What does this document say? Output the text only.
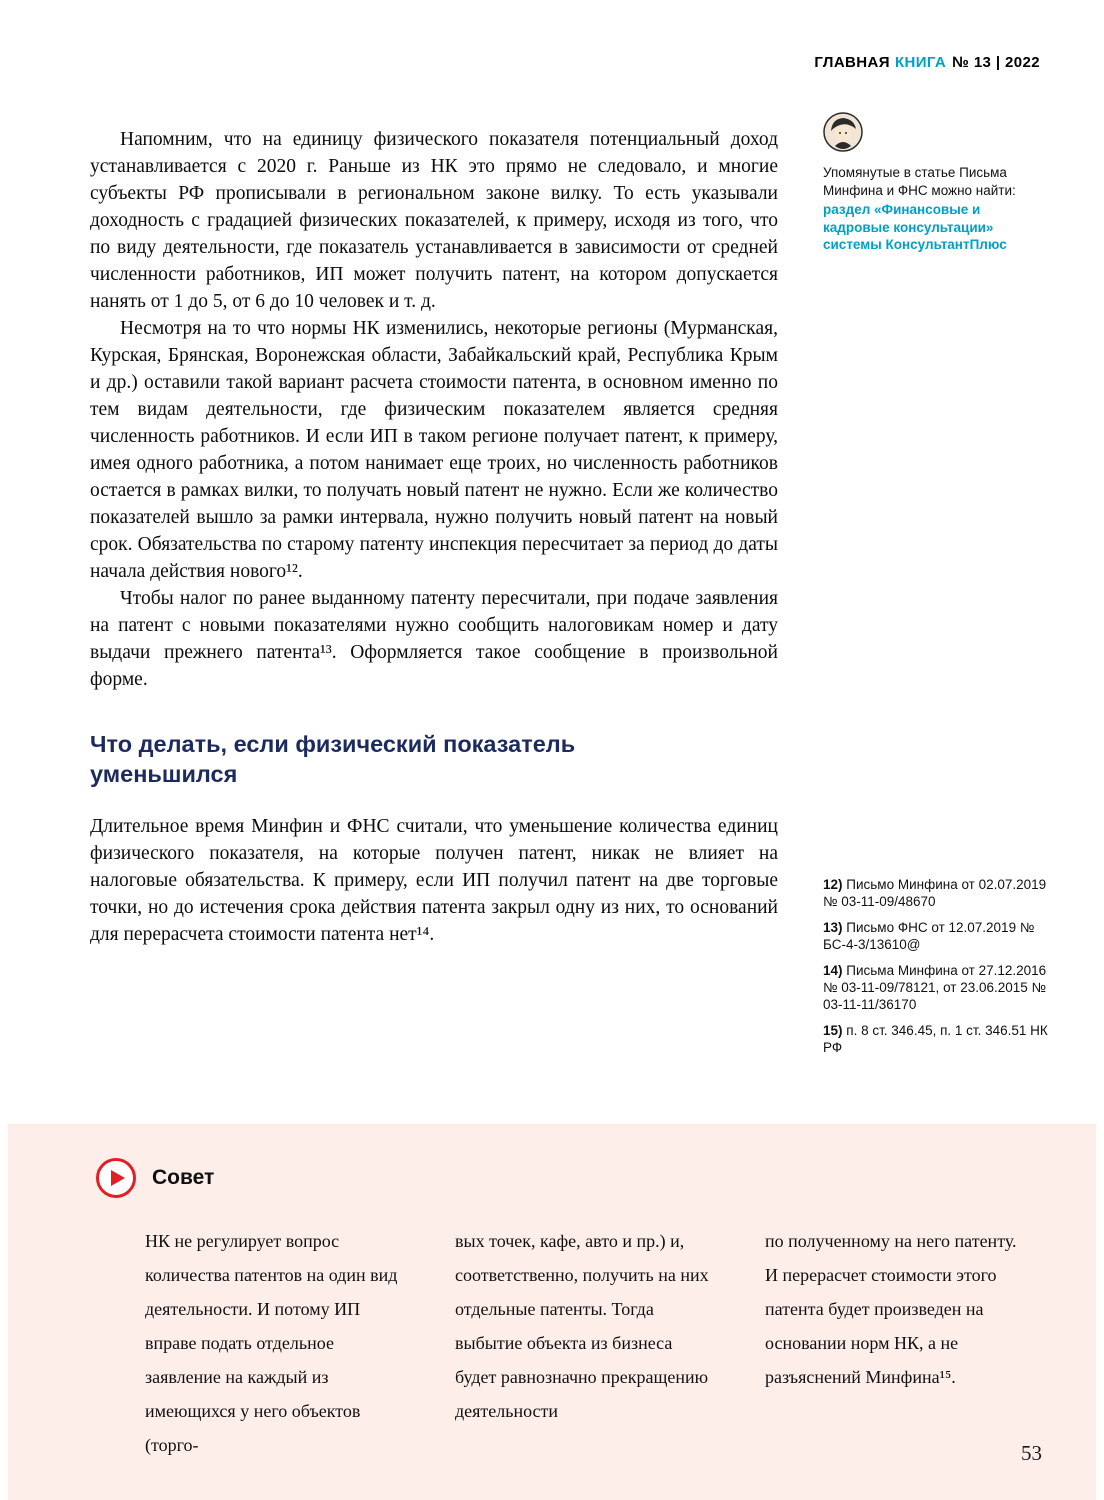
ГЛАВНАЯ КНИГА № 13 | 2022

Напомним, что на единицу физического показателя потенциальный доход устанавливается с 2020 г. Раньше из НК это прямо не следовало, и многие субъекты РФ прописывали в региональном законе вилку. То есть указывали доходность с градацией физических показателей, к примеру, исходя из того, что по виду деятельности, где показатель устанавливается в зависимости от средней численности работников, ИП может получить патент, на котором допускается нанять от 1 до 5, от 6 до 10 человек и т. д.

Несмотря на то что нормы НК изменились, некоторые регионы (Мурманская, Курская, Брянская, Воронежская области, Забайкальский край, Республика Крым и др.) оставили такой вариант расчета стоимости патента, в основном именно по тем видам деятельности, где физическим показателем является средняя численность работников. И если ИП в таком регионе получает патент, к примеру, имея одного работника, а потом нанимает еще троих, но численность работников остается в рамках вилки, то получать новый патент не нужно. Если же количество показателей вышло за рамки интервала, нужно получить новый патент на новый срок. Обязательства по старому патенту инспекция пересчитает за период до даты начала действия нового¹².

Чтобы налог по ранее выданному патенту пересчитали, при подаче заявления на патент с новыми показателями нужно сообщить налоговикам номер и дату выдачи прежнего патента¹³. Оформляется такое сообщение в произвольной форме.

Что делать, если физический показатель
уменьшился

Длительное время Минфин и ФНС считали, что уменьшение количества единиц физического показателя, на которые получен патент, никак не влияет на налоговые обязательства. К примеру, если ИП получил патент на две торговые точки, но до истечения срока действия патента закрыл одну из них, то оснований для перерасчета стоимости патента нет¹⁴.

Упомянутые в статье Письма Минфина и ФНС можно найти:
раздел «Финансовые и кадровые консультации» системы КонсультантПлюс

12) Письмо Минфина от 02.07.2019 № 03-11-09/48670

13) Письмо ФНС от 12.07.2019 № БС-4-3/13610@

14) Письма Минфина от 27.12.2016 № 03-11-09/78121, от 23.06.2015 № 03-11-11/36170

15) п. 8 ст. 346.45, п. 1 ст. 346.51 НК РФ

Совет

НК не регулирует вопрос количества патентов на один вид деятельности. И потому ИП вправе подать отдельное заявление на каждый из имеющихся у него объектов (торго-

вых точек, кафе, авто и пр.) и, соответственно, получить на них отдельные патенты. Тогда выбытие объекта из бизнеса будет равнозначно прекращению деятельности

по полученному на него патенту. И перерасчет стоимости этого патента будет произведен на основании норм НК, а не разъяснений Минфина¹⁵.

53
